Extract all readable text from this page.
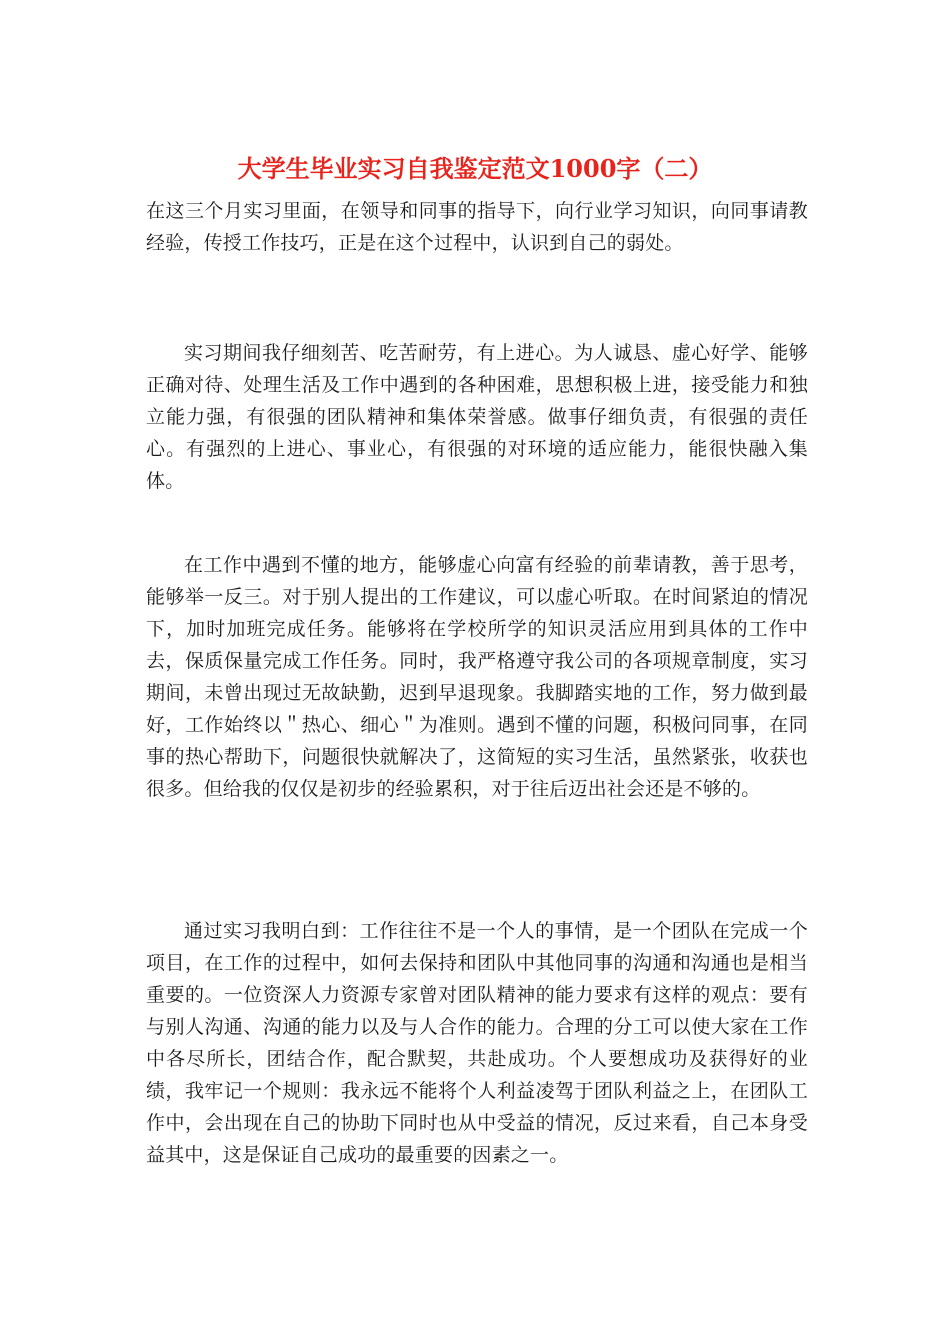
大学生毕业实习自我鉴定范文1000字（二）

在这三个月实习里面，在领导和同事的指导下，向行业学习知识，向同事请教经验，传授工作技巧，正是在这个过程中，认识到自己的弱处。

实习期间我仔细刻苦、吃苦耐劳，有上进心。为人诚恳、虚心好学、能够正确对待、处理生活及工作中遇到的各种困难，思想积极上进，接受能力和独立能力强，有很强的团队精神和集体荣誉感。做事仔细负责，有很强的责任心。有强烈的上进心、事业心，有很强的对环境的适应能力，能很快融入集体。

在工作中遇到不懂的地方，能够虚心向富有经验的前辈请教，善于思考，能够举一反三。对于别人提出的工作建议，可以虚心听取。在时间紧迫的情况下，加时加班完成任务。能够将在学校所学的知识灵活应用到具体的工作中去，保质保量完成工作任务。同时，我严格遵守我公司的各项规章制度，实习期间，未曾出现过无故缺勤，迟到早退现象。我脚踏实地的工作，努力做到最好，工作始终以＂热心、细心＂为准则。遇到不懂的问题，积极问同事，在同事的热心帮助下，问题很快就解决了，这简短的实习生活，虽然紧张，收获也很多。但给我的仅仅是初步的经验累积，对于往后迈出社会还是不够的。

通过实习我明白到：工作往往不是一个人的事情，是一个团队在完成一个项目，在工作的过程中，如何去保持和团队中其他同事的沟通和沟通也是相当重要的。一位资深人力资源专家曾对团队精神的能力要求有这样的观点：要有与别人沟通、沟通的能力以及与人合作的能力。合理的分工可以使大家在工作中各尽所长，团结合作，配合默契，共赴成功。个人要想成功及获得好的业绩，我牢记一个规则：我永远不能将个人利益凌驾于团队利益之上，在团队工作中，会出现在自己的协助下同时也从中受益的情况，反过来看，自己本身受益其中，这是保证自己成功的最重要的因素之一。
